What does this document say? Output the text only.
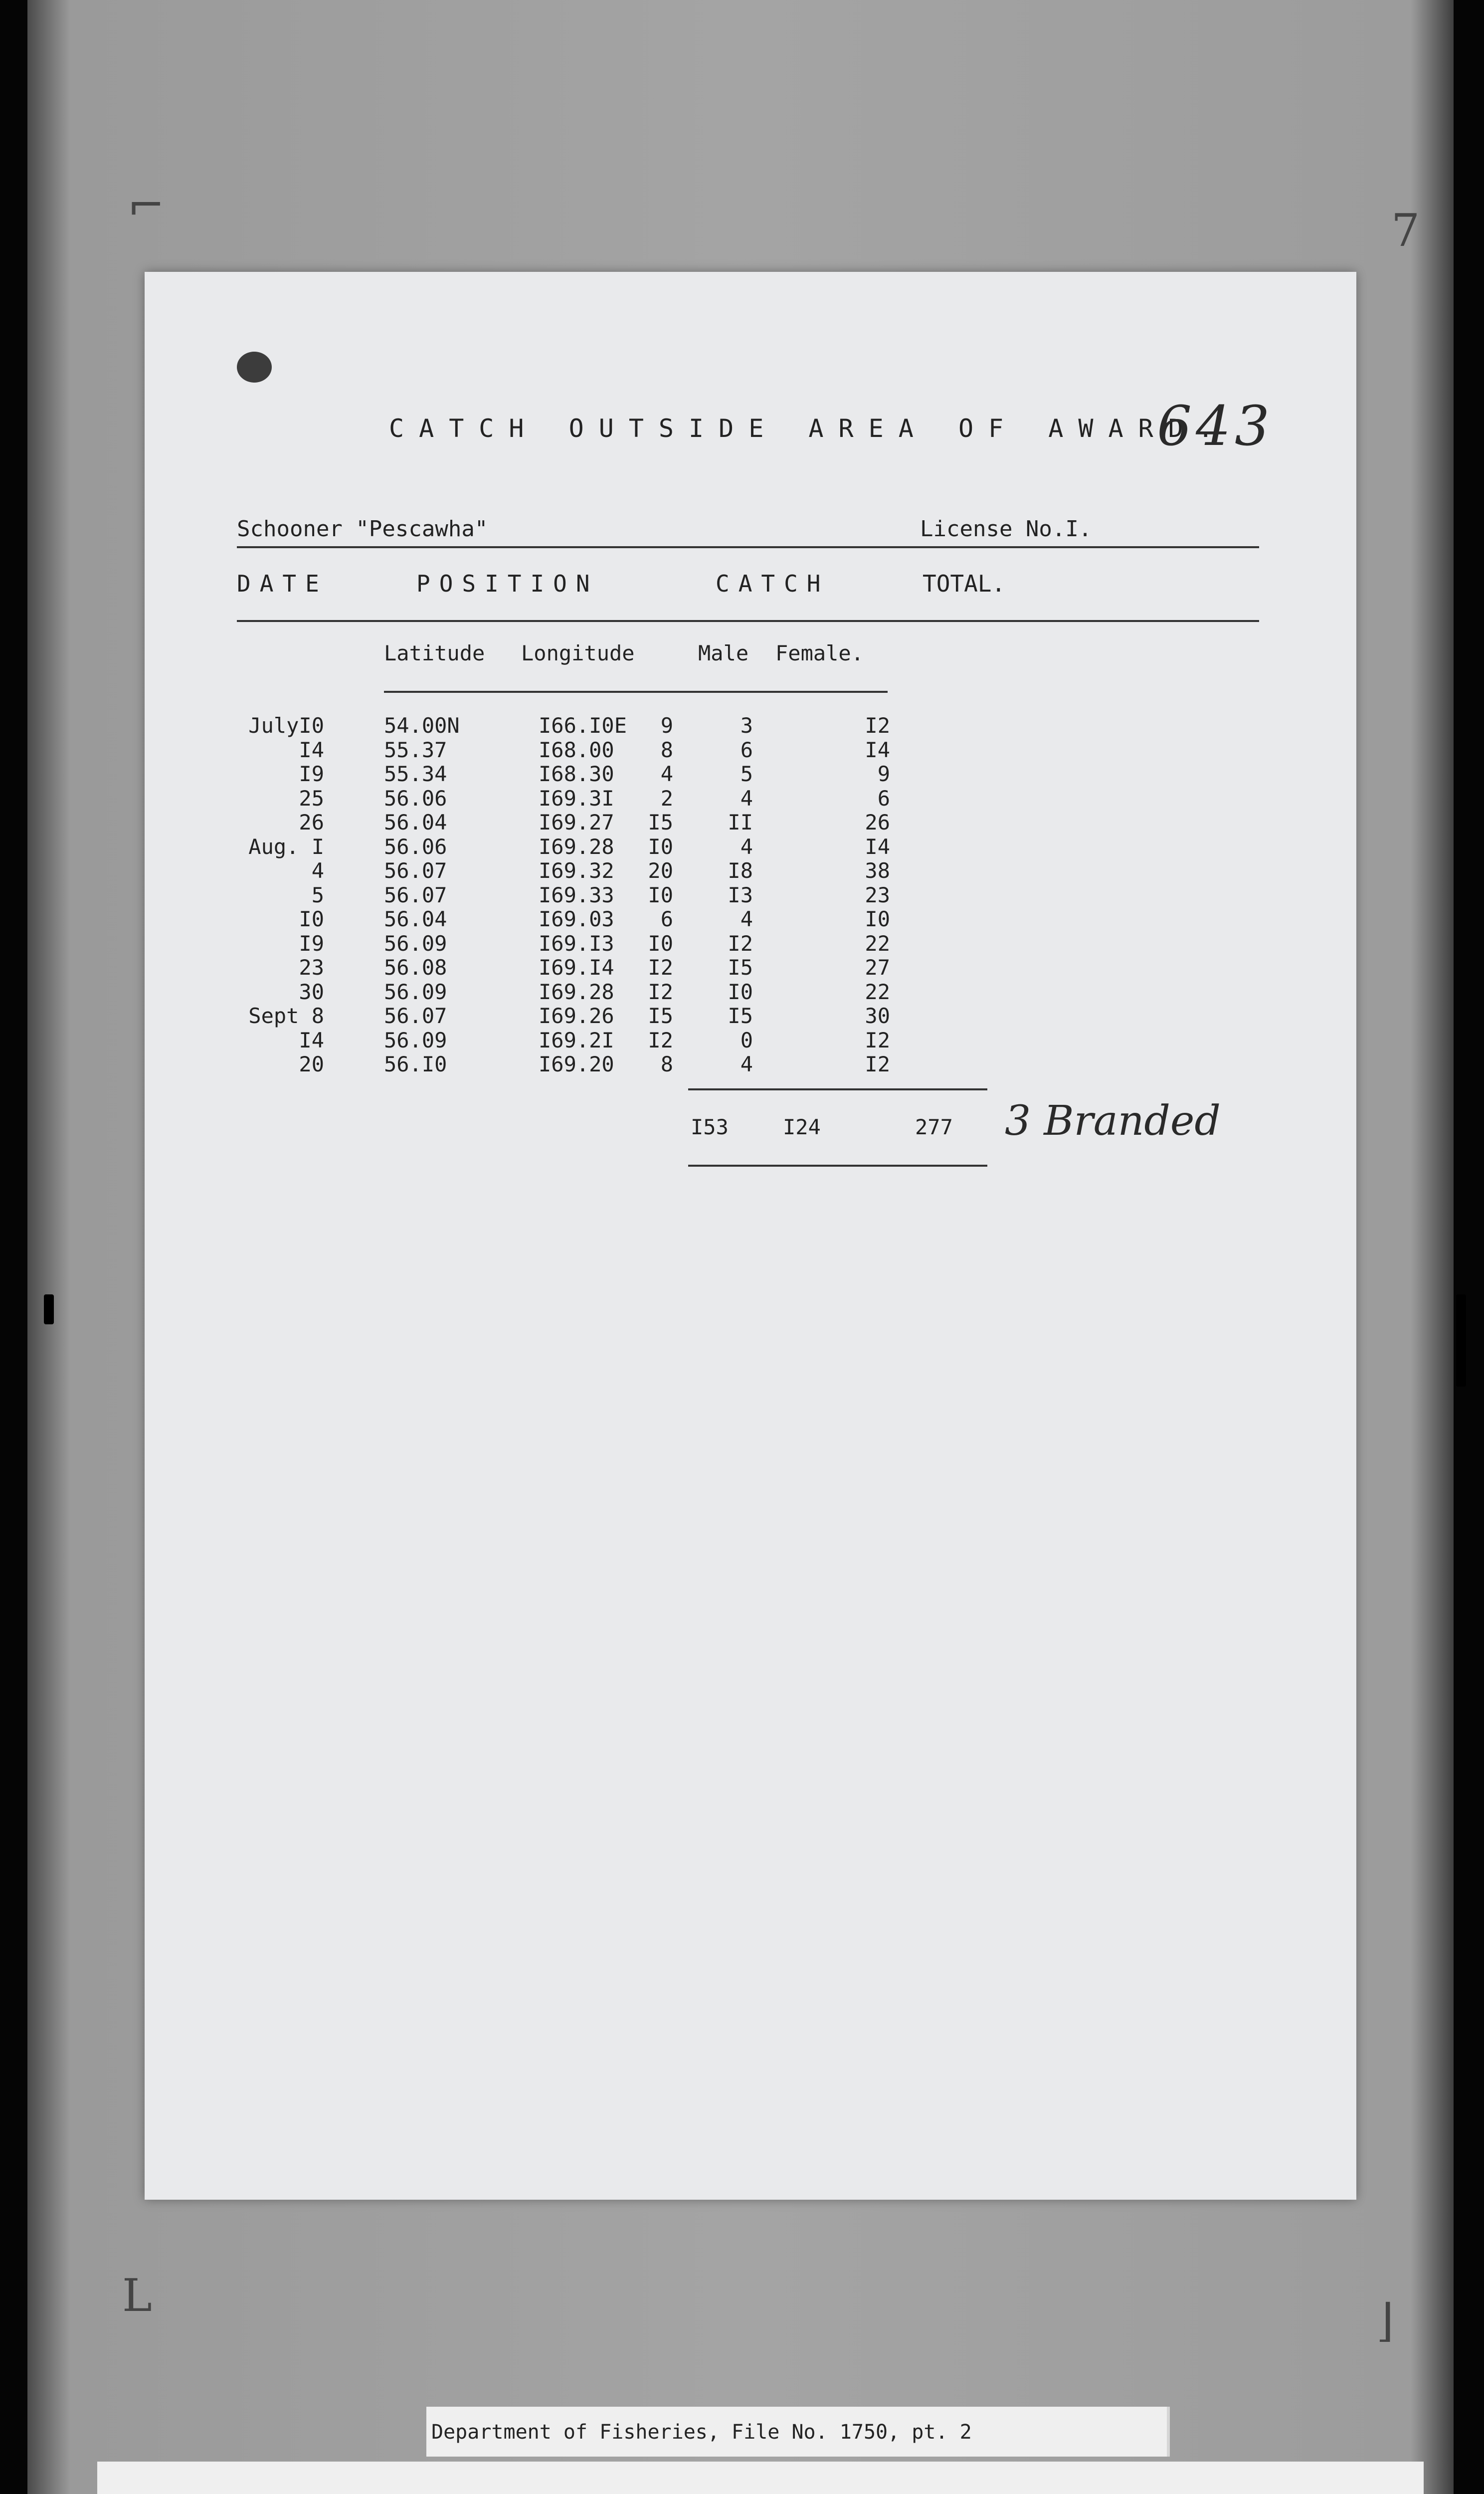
⌐	7
L	⌋
CATCH OUTSIDE AREA OF AWARD.
643
Schooner "Pescawha"	License No.I.
DATE	POSITION	CATCH	TOTAL.
Latitude Longitude	Male Female.
JulyI0	54.00N	I66.I0E 9	3	I2
I4	55.37	I68.00 8	6	I4
I9	55.34	I68.30 4	5	9
25	56.06	I69.3I 2	4	6
26	56.04	I69.27 I5	II	26
Aug. I	56.06	I69.28 I0	4	I4
4	56.07	I69.32 20	I8	38
5	56.07	I69.33 I0	I3	23
I0	56.04	I69.03 6	4	I0
I9	56.09	I69.I3 I0	I2	22
23	56.08	I69.I4 I2	I5	27
30	56.09	I69.28 I2	I0	22
Sept 8	56.07	I69.26 I5	I5	30
I4	56.09	I69.2I I2	0	I2
20	56.I0	I69.20 8	4	I2
I53	I24	277 3 Branded
Department of Fisheries, File No. 1750, pt. 2
